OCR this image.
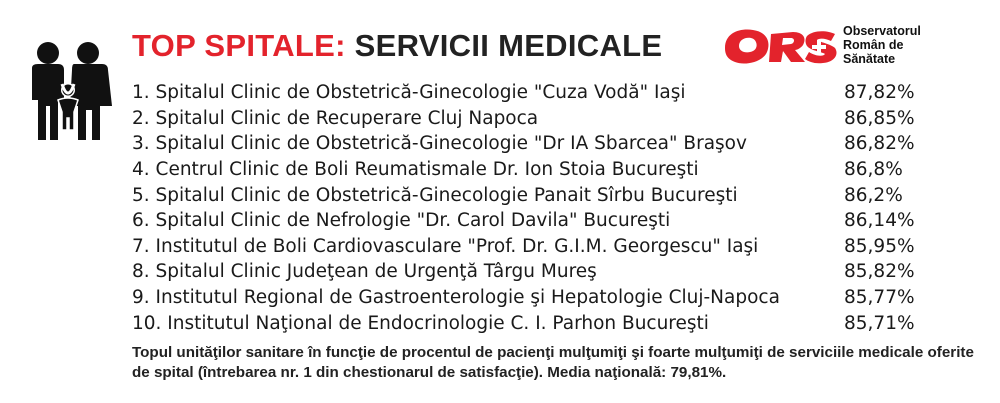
TOP SPITALE: SERVICII MEDICALE	Observatorul
Român de
Sănătate
1. Spitalul Clinic de Obstetrică-Ginecologie "Cuza Vodă" Iaşi	87,82%
2. Spitalul Clinic de Recuperare Cluj Napoca	86,85%
3. Spitalul Clinic de Obstetrică-Ginecologie "Dr IA Sbarcea" Braşov	86,82%
4. Centrul Clinic de Boli Reumatismale Dr. Ion Stoia Bucureşti	86,8%
5. Spitalul Clinic de Obstetrică-Ginecologie Panait Sîrbu Bucureşti	86,2%
6. Spitalul Clinic de Nefrologie "Dr. Carol Davila" Bucureşti	86,14%
7. Institutul de Boli Cardiovasculare "Prof. Dr. G.I.M. Georgescu" Iaşi	85,95%
8. Spitalul Clinic Judeţean de Urgenţă Târgu Mureş	85,82%
9. Institutul Regional de Gastroenterologie şi Hepatologie Cluj-Napoca	85,77%
10. Institutul Naţional de Endocrinologie C. I. Parhon Bucureşti	85,71%

Topul unităţilor sanitare în funcţie de procentul de pacienţi mulţumiţi şi foarte mulţumiţi de serviciile medicale oferite de spital (întrebarea nr. 1 din chestionarul de satisfacţie). Media naţională: 79,81%.
